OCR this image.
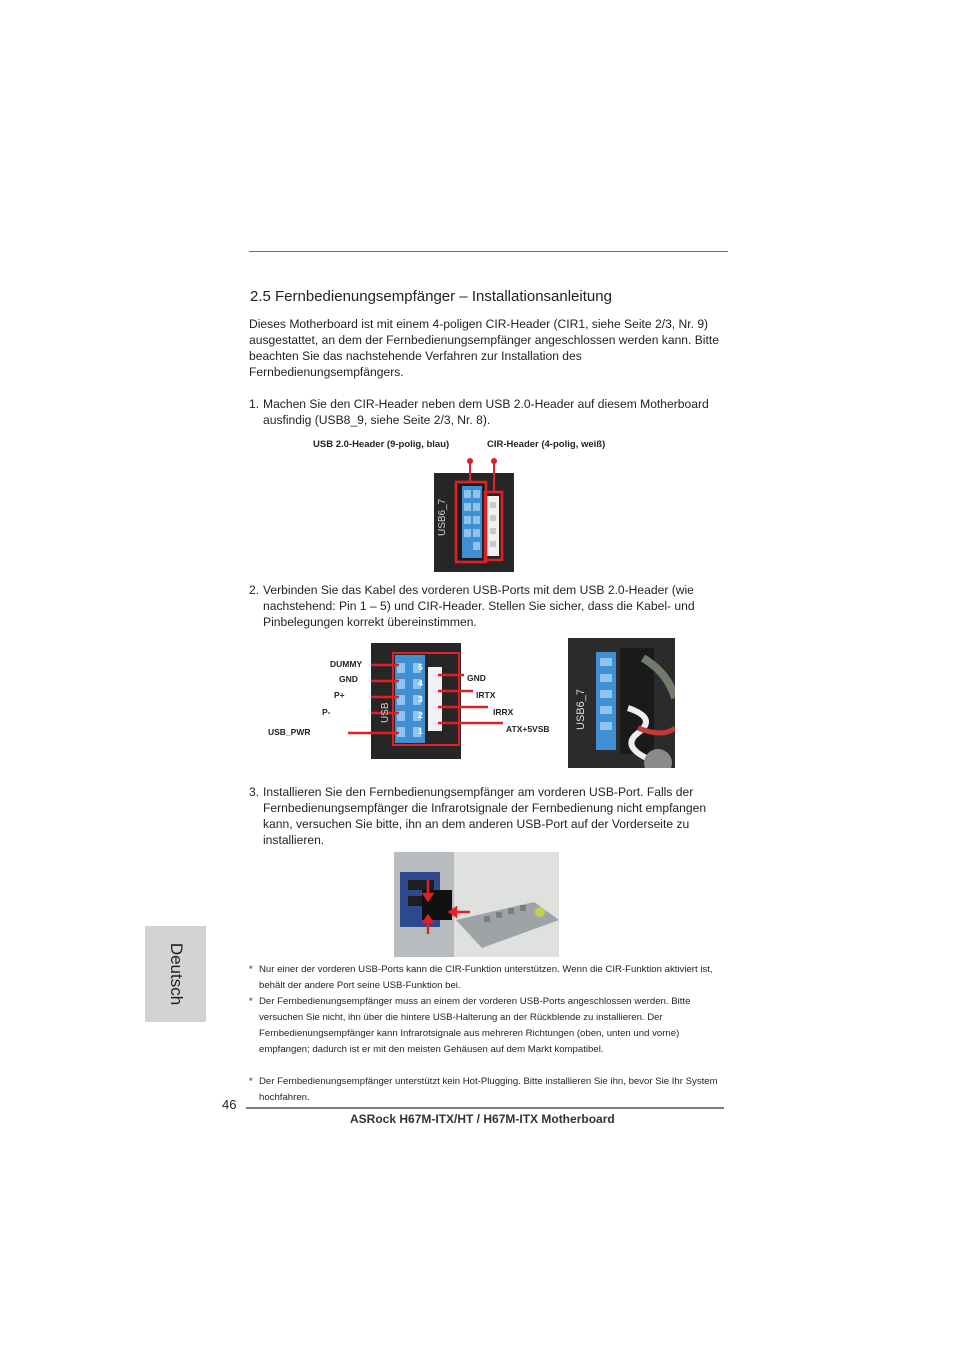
2.5 Fernbedienungsempfänger – Installationsanleitung

Dieses Motherboard ist mit einem 4-poligen CIR-Header (CIR1, siehe Seite 2/3, Nr. 9) ausgestattet, an dem der Fernbedienungsempfänger angeschlossen werden kann. Bitte beachten Sie das nachstehende Verfahren zur Installation des Fernbedienungsempfängers.

1. Machen Sie den CIR-Header neben dem USB 2.0-Header auf diesem Motherboard ausfindig (USB8_9, siehe Seite 2/3, Nr. 8).
USB 2.0-Header (9-polig, blau)	CIR-Header (4-polig, weiß)
USB6_7
2. Verbinden Sie das Kabel des vorderen USB-Ports mit dem USB 2.0-Header (wie nachstehend: Pin 1 – 5) und CIR-Header. Stellen Sie sicher, dass die Kabel- und Pinbelegungen korrekt übereinstimmen.
USB
DUMMY
GND
P+
P-
USB_PWR
GND
IRTX
IRRX
ATX+5VSB
5
4
3
2
1
USB6_7
3. Installieren Sie den Fernbedienungsempfänger am vorderen USB-Port. Falls der Fernbedienungsempfänger die Infrarotsignale der Fernbedienung nicht empfangen kann, versuchen Sie bitte, ihn an dem anderen USB-Port auf der Vorderseite zu installieren.
* Nur einer der vorderen USB-Ports kann die CIR-Funktion unterstützen. Wenn die CIR-Funktion aktiviert ist, behält der andere Port seine USB-Funktion bei.
* Der Fernbedienungsempfänger muss an einem der vorderen USB-Ports angeschlossen werden. Bitte versuchen Sie nicht, ihn über die hintere USB-Halterung an der Rückblende zu installieren. Der Fernbedienungsempfänger kann Infrarotsignale aus mehreren Richtungen (oben, unten und vorne) empfangen; dadurch ist er mit den meisten Gehäusen auf dem Markt kompatibel.
* Der Fernbedienungsempfänger unterstützt kein Hot-Plugging. Bitte installieren Sie ihn, bevor Sie Ihr System hochfahren.
Deutsch
46
ASRock H67M-ITX/HT / H67M-ITX Motherboard
